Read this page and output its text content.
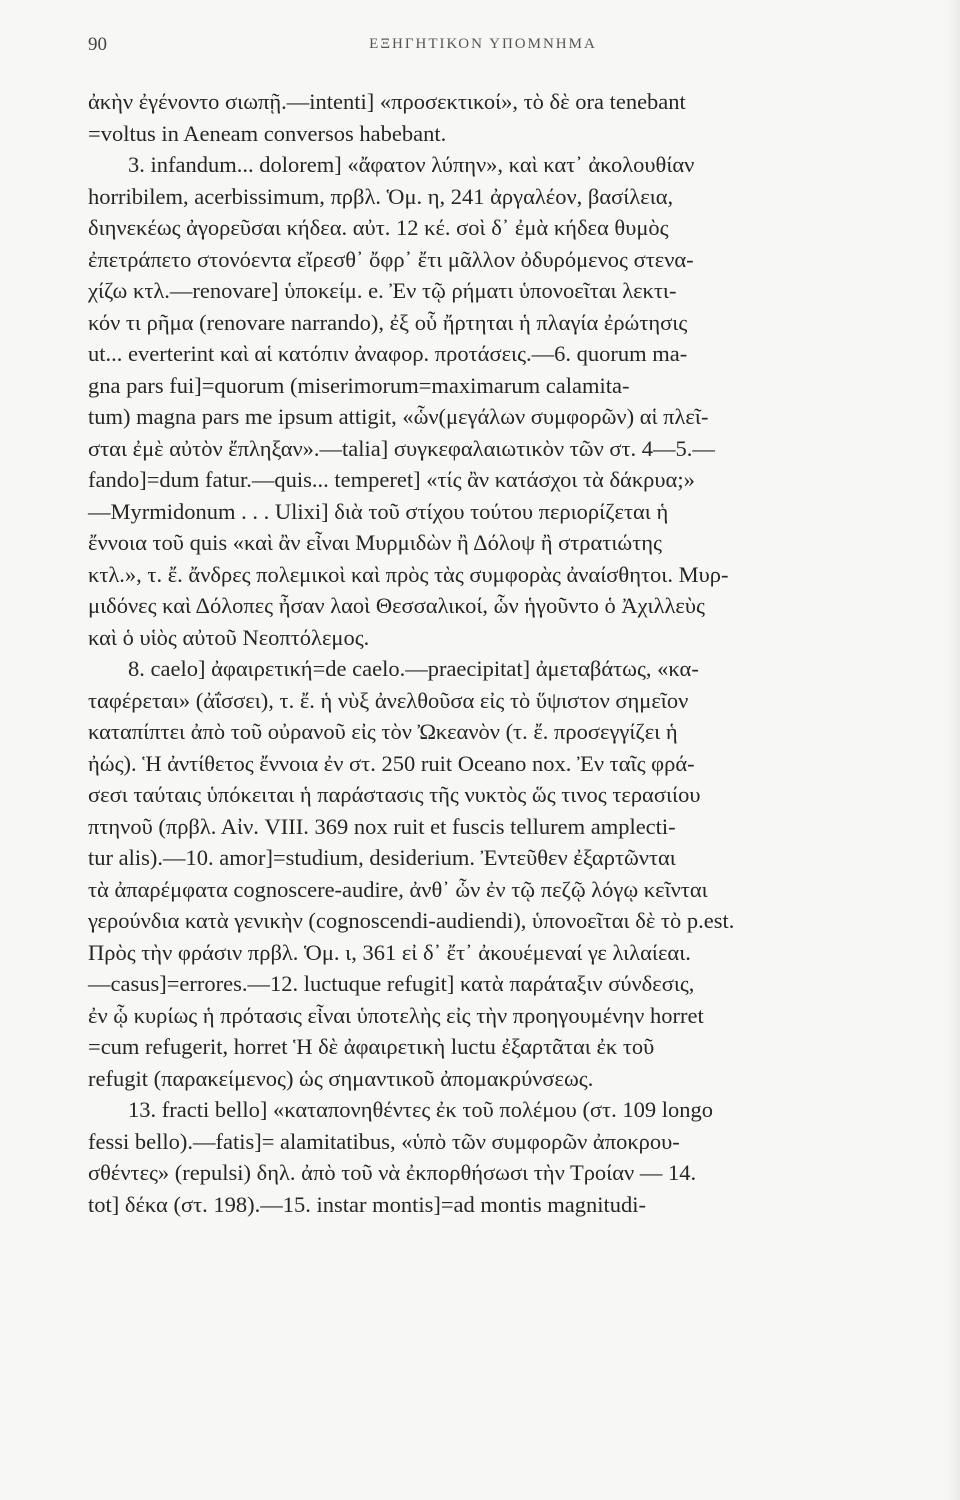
90	ΕΞΗΓΗΤΙΚΟΝ ΥΠΟΜΝΗΜΑ
ἀκὴν ἐγένοντο σιωπῇ.—intenti] «προσεκτικοί», τὸ δὲ ora tenebant
=voltus in Aeneam conversos habebant.
3. infandum... dolorem] «ἄφατον λύπην», καὶ κατ᾽ ἀκολουθίαν
horribilem, acerbissimum, πρβλ. Ὁμ. η, 241 ἀργαλέον, βασίλεια,
διηνεκέως ἀγορεῦσαι κήδεα. αὐτ. 12 κέ. σοὶ δ᾽ ἐμὰ κήδεα θυμὸς
ἐπετράπετο στονόεντα εἴρεσθ᾽ ὄφρ᾽ ἔτι μᾶλλον ὀδυρόμενος στενα-
χίζω κτλ.—renovare] ὑποκείμ. e. Ἐν τῷ ρήματι ὑπονοεῖται λεκτι-
κόν τι ρῆμα (renovare narrando), ἐξ οὗ ἤρτηται ἡ πλαγία ἐρώτησις
ut... everterint καὶ αἱ κατόπιν ἀναφορ. προτάσεις.—6. quorum ma-
gna pars fui]=quorum (miserimorum=maximarum calamita-
tum) magna pars me ipsum attigit, «ὧν(μεγάλων συμφορῶν) αἱ πλεῖ-
σται ἐμὲ αὐτὸν ἔπληξαν».—talia] συγκεφαλαιωτικὸν τῶν στ. 4—5.—
fando]=dum fatur.—quis... temperet] «τίς ἂν κατάσχοι τὰ δάκρυα;»
—Myrmidonum . . . Ulixi] διὰ τοῦ στίχου τούτου περιορίζεται ἡ
ἔννοια τοῦ quis «καὶ ἂν εἶναι Μυρμιδὼν ἢ Δόλοψ ἢ στρατιώτης
κτλ.», τ. ἔ. ἄνδρες πολεμικοὶ καὶ πρὸς τὰς συμφορὰς ἀναίσθητοι. Μυρ-
μιδόνες καὶ Δόλοπες ἦσαν λαοὶ Θεσσαλικοί, ὧν ἡγοῦντο ὁ Ἀχιλλεὺς
καὶ ὁ υἱὸς αὐτοῦ Νεοπτόλεμος.
8. caelo] ἀφαιρετική=de caelo.—praecipitat] ἀμεταβάτως, «κα-
ταφέρεται» (ἀΐσσει), τ. ἔ. ἡ νὺξ ἀνελθοῦσα εἰς τὸ ὕψιστον σημεῖον
καταπίπτει ἀπὸ τοῦ οὐρανοῦ εἰς τὸν Ὠκεανὸν (τ. ἔ. προσεγγίζει ἡ
ἠώς). Ἡ ἀντίθετος ἔννοια ἐν στ. 250 ruit Oceano nox. Ἐν ταῖς φρά-
σεσι ταύταις ὑπόκειται ἡ παράστασις τῆς νυκτὸς ὥς τινος τερασιίου
πτηνοῦ (πρβλ. Αἰν. VIII. 369 nox ruit et fuscis tellurem amplecti-
tur alis).—10. amor]=studium, desiderium. Ἐντεῦθεν ἐξαρτῶνται
τὰ ἀπαρέμφατα cognoscere-audire, ἀνθ᾽ ὧν ἐν τῷ πεζῷ λόγῳ κεῖνται
γερούνδια κατὰ γενικὴν (cognoscendi-audiendi), ὑπονοεῖται δὲ τὸ p.est.
Πρὸς τὴν φράσιν πρβλ. Ὁμ. ι, 361 εἰ δ᾽ ἔτ᾽ ἀκουέμεναί γε λιλαίεαι.
—casus]=errores.—12. luctuque refugit] κατὰ παράταξιν σύνδεσις,
ἐν ᾧ κυρίως ἡ πρότασις εἶναι ὑποτελὴς εἰς τὴν προηγουμένην horret
=cum refugerit, horret Ἡ δὲ ἀφαιρετικὴ luctu ἐξαρτᾶται ἐκ τοῦ
refugit (παρακείμενος) ὡς σημαντικοῦ ἀπομακρύνσεως.
13. fracti bello] «καταπονηθέντες ἐκ τοῦ πολέμου (στ. 109 longo
fessi bello).—fatis]= alamitatibus, «ὑπὸ τῶν συμφορῶν ἀποκρου-
σθέντες» (repulsi) δηλ. ἀπὸ τοῦ νὰ ἐκπορθήσωσι τὴν Τροίαν — 14.
tot] δέκα (στ. 198).—15. instar montis]=ad montis magnitudi-
